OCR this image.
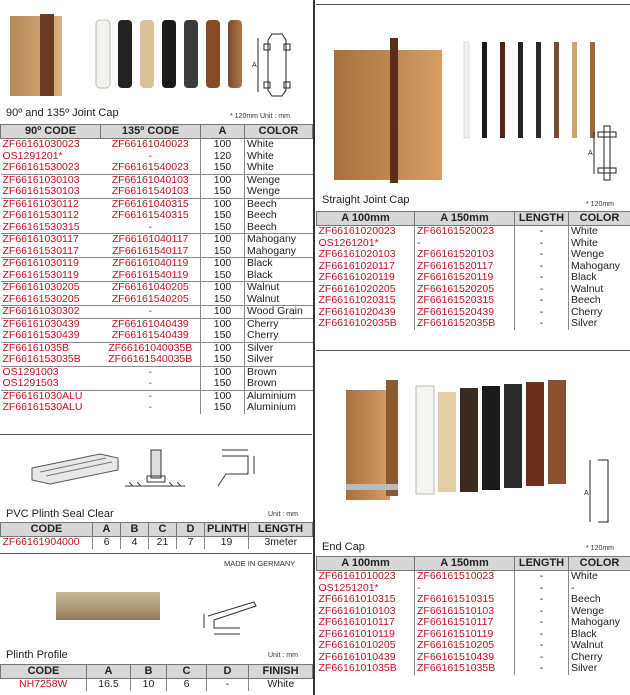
A
90º and 135º Joint Cap	* 120mm Unit : mm
90º CODE	135º CODE	A	COLOR
ZF66161030023	ZF66161040023	100	White
OS1291201*	-	120	White
ZF66161530023	ZF66161540023	150	White
ZF66161030103	ZF66161040103	100	Wenge
ZF66161530103	ZF66161540103	150	Wenge
ZF66161030112	ZF66161040315	100	Beech
ZF66161530112	ZF66161540315	150	Beech
ZF66161530315	-	150	Beech
ZF66161030117	ZF66161040117	100	Mahogany
ZF66161530117	ZF66161540117	150	Mahogany
ZF66161030119	ZF66161040119	100	Black
ZF66161530119	ZF66161540119	150	Black
ZF66161030205	ZF66161040205	100	Walnut
ZF66161530205	ZF66161540205	150	Walnut
ZF66161030302	-	100	Wood Grain
ZF66161030439	ZF66161040439	100	Cherry
ZF66161530439	ZF66161540439	150	Cherry
ZF66161035B	ZF66161040035B	100	Silver
ZF6616153035B	ZF66161540035B	150	Silver
OS1291003	-	100	Brown
OS1291503	-	150	Brown
ZF66161030ALU	-	100	Aluminium
ZF66161530ALU	-	150	Aluminium
PVC Plinth Seal Clear	Unit : mm
CODE	A	B	C	D	PLINTH	LENGTH
ZF66161904000	6	4	21	7	19	3meter
MADE IN GERMANY
Plinth Profile	Unit : mm
CODE	A	B	C	D	FINISH
NH7258W	16.5	10	6	-	White
A
Straight Joint Cap	* 120mm
A 100mm	A 150mm	LENGTH	COLOR
ZF66161020023	ZF66161520023	-	White
OS1261201*	-	-	White
ZF66161020103	ZF66161520103	-	Wenge
ZF66161020117	ZF66161520117	-	Mahogany
ZF66161020119	ZF66161520119	-	Black
ZF66161020205	ZF66161520205	-	Walnut
ZF66161020315	ZF66161520315	-	Beech
ZF66161020439	ZF66161520439	-	Cherry
ZF6616102035B	ZF6616152035B	-	Silver
A
End Cap	* 120mm
A 100mm	A 150mm	LENGTH	COLOR
ZF66161010023	ZF66161510023	-	White
OS1251201*	-	-	-
ZF66161010315	ZF66161510315	-	Beech
ZF66161010103	ZF66161510103	-	Wenge
ZF66161010117	ZF66161510117	-	Mahogany
ZF66161010119	ZF66161510119	-	Black
ZF66161010205	ZF66161510205	-	Walnut
ZF66161010439	ZF66161510439	-	Cherry
ZF6616101035B	ZF6616151035B	-	Silver
